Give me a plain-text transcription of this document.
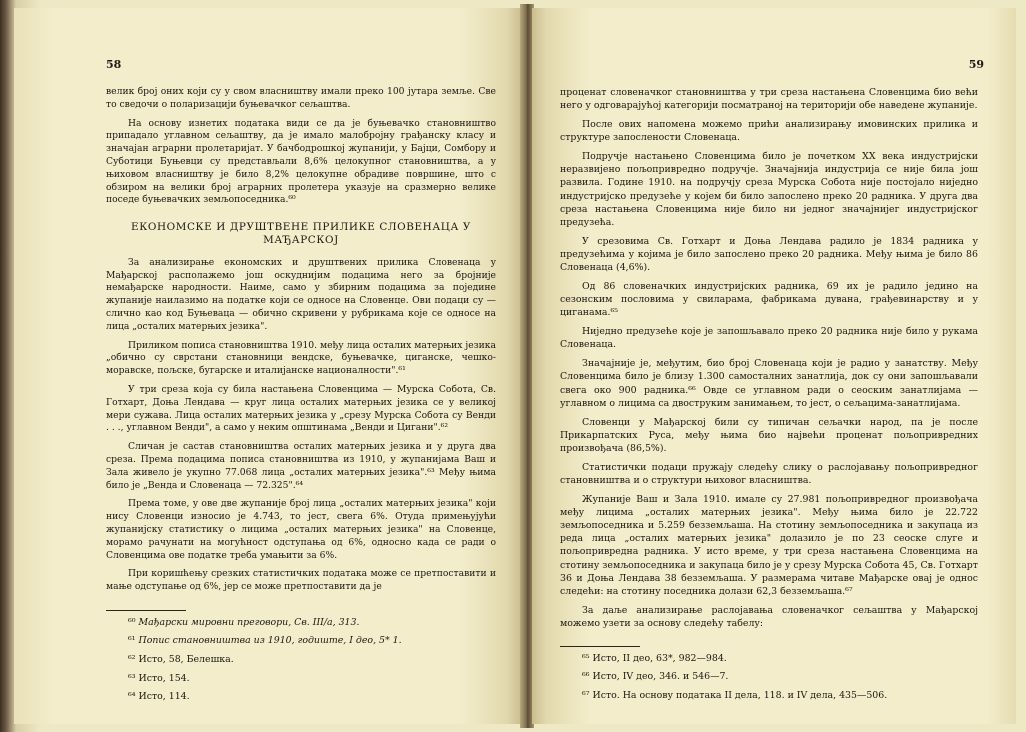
58

велик број оних који су у свом власништву имали преко 100 јутара земље. Све то сведочи о поларизацији буњевачког сељаштва.

На основу изнетих података види се да је буњевачко становништво припадало углавном сељаштву, да је имало малобројну грађанску класу и значајан аграрни пролетаријат. У бачбодрошкој жупанији, у Бајци, Сомбору и Суботици Буњевци су представљали 8,6% целокупног становништва, а у њиховом власништву је било 8,2% целокупне обрадиве површине, што с обзиром на велики број аграрних пролетера указује на сразмерно велике поседе буњевачких земљопоседника.⁶⁰

ЕКОНОМСКЕ И ДРУШТВЕНЕ ПРИЛИКЕ СЛОВЕНАЦА У МАЂАРСКОЈ

За анализирање економских и друштвених прилика Словенаца у Мађарској располажемо још оскуднијим подацима него за бројније немађарске народности. Наиме, само у збирним подацима за поједине жупаније наилазимо на податке који се односе на Словенце. Ови подаци су — слично као код Буњеваца — обично скривени у рубрикама које се односе на лица „осталих матерњих језика".

Приликом пописа становништва 1910. међу лица осталих матерњих језика „обично су сврстани становници вендске, буњевачке, циганске, чешко-моравске, пољске, бугарске и италијанске националности".⁶¹

У три среза која су била настањена Словенцима — Мурска Собота, Св. Готхарт, Доња Лендава — круг лица осталих матерњих језика се у великој мери сужава. Лица осталих матерњих језика у „срезу Мурска Собота су Венди . . ., углавном Венди", а само у неким општинама „Венди и Цигани".⁶²

Сличан је састав становништва осталих матерњих језика и у друга два среза. Према подацима пописа становништва из 1910, у жупанијама Ваш и Зала живело је укупно 77.068 лица „осталих матерњих језика".⁶³ Међу њима било је „Венда и Словенаца — 72.325".⁶⁴

Према томе, у ове две жупаније број лица „осталих матерњих језика" који нису Словенци износио је 4.743, то јест, свега 6%. Отуда примењујући жупанијску статистику о лицима „осталих матерњих језика" на Словенце, морамо рачунати на могућност одступања од 6%, односно када се ради о Словенцима ове податке треба умањити за 6%.

При коришћењу срезких статистичких података може се претпоставити и мање одступање од 6%, јер се може претпоставити да је

⁶⁰ Мађарски мировни преговори, Св. III/а, 313.

⁶¹ Попис становништва из 1910, годиште, I део, 5* 1.

⁶² Исто, 58, Белешка.

⁶³ Исто, 154.

⁶⁴ Исто, 114.

59

проценат словеначког становништва у три среза настањена Словенцима био већи него у одговарајућој категорији посматраној на територији обе наведене жупаније.

После ових напомена можемо прићи анализирању имовинских прилика и структуре запослености Словенаца.

Подручје настањено Словенцима било је почетком XX века индустријски неразвијено пољопривредно подручје. Значајнија индустрија се није била још развила. Године 1910. на подручју среза Мурска Собота није постојало ниједно индустријско предузеће у којем би било запослено преко 20 радника. У друга два среза настањена Словенцима није било ни једног значајнијег индустријског предузећа.

У срезовима Св. Готхарт и Доња Лендава радило је 1834 радника у предузећима у којима је било запослено преко 20 радника. Међу њима је било 86 Словенаца (4,6%).

Од 86 словеначких индустријских радника, 69 их је радило једино на сезонским пословима у свиларама, фабрикама дувана, грађевинарству и у циганама.⁶⁵

Ниједно предузеће које је запошљавало преко 20 радника није било у рукама Словенаца.

Значајније је, међутим, био број Словенаца који је радио у занатству. Међу Словенцима било је близу 1.300 самосталних занатлија, док су они запошљавали свега око 900 радника.⁶⁶ Овде се углавном ради о сеоским занатлијама — углавном о лицима са двоструким занимањем, то јест, о сељацима-занатлијама.

Словенци у Мађарској били су типичан сељачки народ, па је после Прикарпатских Руса, међу њима био највећи проценат пољопривредних произвођача (86,5%).

Статистички подаци пружају следећу слику о раслојавању пољопривредног становништва и о структури њиховог власништва.

Жупаније Ваш и Зала 1910. имале су 27.981 пољопривредног произвођача међу лицима „осталих матерњих језика". Међу њима било је 22.722 земљопоседника и 5.259 безземљаша. На стотину земљопоседника и закупаца из реда лица „осталих матерњих језика" долазило је по 23 сеоске слуге и пољопривредна радника. У исто време, у три среза настањена Словенцима на стотину земљопоседника и закупаца било је у срезу Мурска Собота 45, Св. Готхарт 36 и Доња Лендава 38 безземљаша. У размерама читаве Мађарске овај је однос следећи: на стотину поседника долази 62,3 безземљаша.⁶⁷

За даље анализирање раслојавања словеначког сељаштва у Мађарској можемо узети за основу следећу табелу:

⁶⁵ Исто, II део, 63*, 982—984.

⁶⁶ Исто, IV део, 346. и 546—7.

⁶⁷ Исто. На основу података II дела, 118. и IV дела, 435—506.
